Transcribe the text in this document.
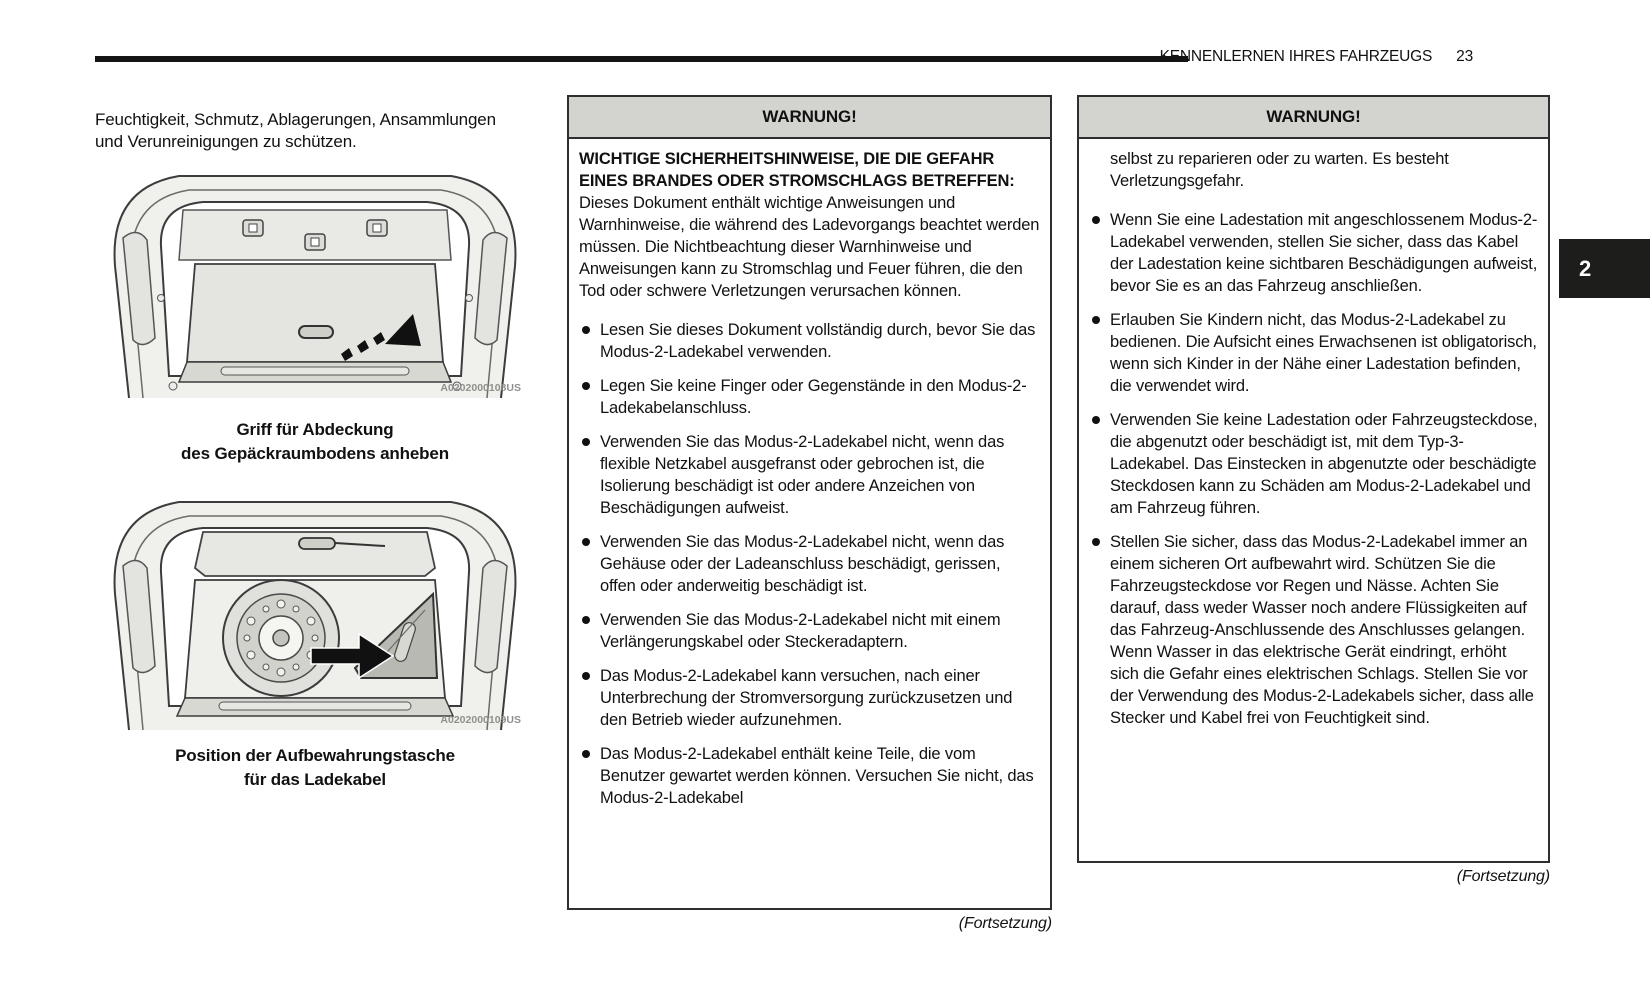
KENNENLERNEN IHRES FAHRZEUGS 23
2

Feuchtigkeit, Schmutz, Ablagerungen, Ansammlungen und Verunreinigungen zu schützen.

A0202000108US
Griff für Abdeckung
des Gepäckraumbodens anheben
A0202000109US
Position der Aufbewahrungstasche
für das Ladekabel
WARNUNG!

WICHTIGE SICHERHEITSHINWEISE, DIE DIE GEFAHR EINES BRANDES ODER STROMSCHLAGS BETREFFEN:
Dieses Dokument enthält wichtige Anweisungen und Warnhinweise, die während des Ladevorgangs beachtet werden müssen. Die Nichtbeachtung dieser Warnhinweise und Anweisungen kann zu Stromschlag und Feuer führen, die den Tod oder schwere Verletzungen verursachen können.

Lesen Sie dieses Dokument vollständig durch, bevor Sie das Modus-2-Ladekabel verwenden.
Legen Sie keine Finger oder Gegenstände in den Modus-2-Ladekabelanschluss.
Verwenden Sie das Modus-2-Ladekabel nicht, wenn das flexible Netzkabel ausgefranst oder gebrochen ist, die Isolierung beschädigt ist oder andere Anzeichen von Beschädigungen aufweist.
Verwenden Sie das Modus-2-Ladekabel nicht, wenn das Gehäuse oder der Ladeanschluss beschädigt, gerissen, offen oder anderweitig beschädigt ist.
Verwenden Sie das Modus-2-Ladekabel nicht mit einem Verlängerungskabel oder Steckeradaptern.
Das Modus-2-Ladekabel kann versuchen, nach einer Unterbrechung der Stromversorgung zurückzusetzen und den Betrieb wieder aufzunehmen.
Das Modus-2-Ladekabel enthält keine Teile, die vom Benutzer gewartet werden können. Versuchen Sie nicht, das Modus-2-Ladekabel
(Fortsetzung)
WARNUNG!

selbst zu reparieren oder zu warten. Es besteht Verletzungsgefahr.

Wenn Sie eine Ladestation mit angeschlossenem Modus-2-Ladekabel verwenden, stellen Sie sicher, dass das Kabel der Ladestation keine sichtbaren Beschädigungen aufweist, bevor Sie es an das Fahrzeug anschließen.
Erlauben Sie Kindern nicht, das Modus-2-Ladekabel zu bedienen. Die Aufsicht eines Erwachsenen ist obligatorisch, wenn sich Kinder in der Nähe einer Ladestation befinden, die verwendet wird.
Verwenden Sie keine Ladestation oder Fahrzeugsteckdose, die abgenutzt oder beschädigt ist, mit dem Typ-3-Ladekabel. Das Einstecken in abgenutzte oder beschädigte Steckdosen kann zu Schäden am Modus-2-Ladekabel und am Fahrzeug führen.
Stellen Sie sicher, dass das Modus-2-Ladekabel immer an einem sicheren Ort aufbewahrt wird. Schützen Sie die Fahrzeugsteckdose vor Regen und Nässe. Achten Sie darauf, dass weder Wasser noch andere Flüssigkeiten auf das Fahrzeug-Anschlussende des Anschlusses gelangen. Wenn Wasser in das elektrische Gerät eindringt, erhöht sich die Gefahr eines elektrischen Schlags. Stellen Sie vor der Verwendung des Modus-2-Ladekabels sicher, dass alle Stecker und Kabel frei von Feuchtigkeit sind.
(Fortsetzung)
